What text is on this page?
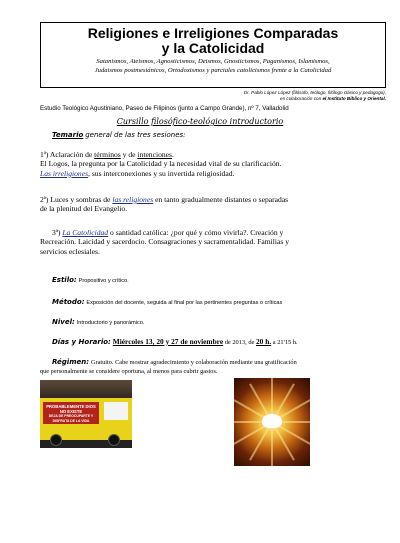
Religiones e Irreligiones Comparadas
y la Catolicidad
Satanismos, Ateismos, Agnosticismos, Deismos, Gnosticismos, Paganismos, Islamismos,
Judaismos postmesiánicos, Ortodoxismos y parciales catolicismos frente a la Catolicidad
Dr. Pablo López López (filósofo, teólogo, filólogo clásico y pedagogo),
en colaboración con el Instituto Bíblico y Oriental.
Estudio Teológico Agustiniano, Paseo de Filipinos (junto a Campo Grande), nº 7, Valladolid
Cursillo filosófico-teológico introductorio
Temario general de las tres sesiones:
1ª) Aclaración de términos y de intenciones.
El Logos, la pregunta por la Catolicidad y la necesidad vital de su clarificación.
Las irreligiones, sus interconexiones y su invertida religiosidad.
2ª) Luces y sombras de las religiones en tanto gradualmente distantes o separadas
de la plenitud del Evangelio.
3ª) La Catolicidad o santidad católica: ¿por qué y cómo vivirla?. Creación y
Recreación. Laicidad y sacerdocio. Consagraciones y sacramentalidad. Familias y
servicios eclesiales.
Estilo: Propositivo y crítico.
Método: Exposición del docente, seguida al final por las pertinentes preguntas o críticas
Nivel: Introductorio y panorámico.
Días y Horario: Miércoles 13, 20 y 27 de noviembre de 2013, de 20 h. a 21'15 h.
Régimen: Gratuito. Cabe mostrar agradecimiento y colaboración mediante una gratificación
que personalmente se considere oportuna, al menos para cubrir gastos.
PROBABLEMENTE DIOS NO EXISTE
DEJA DE PREOCUPARTE Y DISFRUTA DE LA VIDA
